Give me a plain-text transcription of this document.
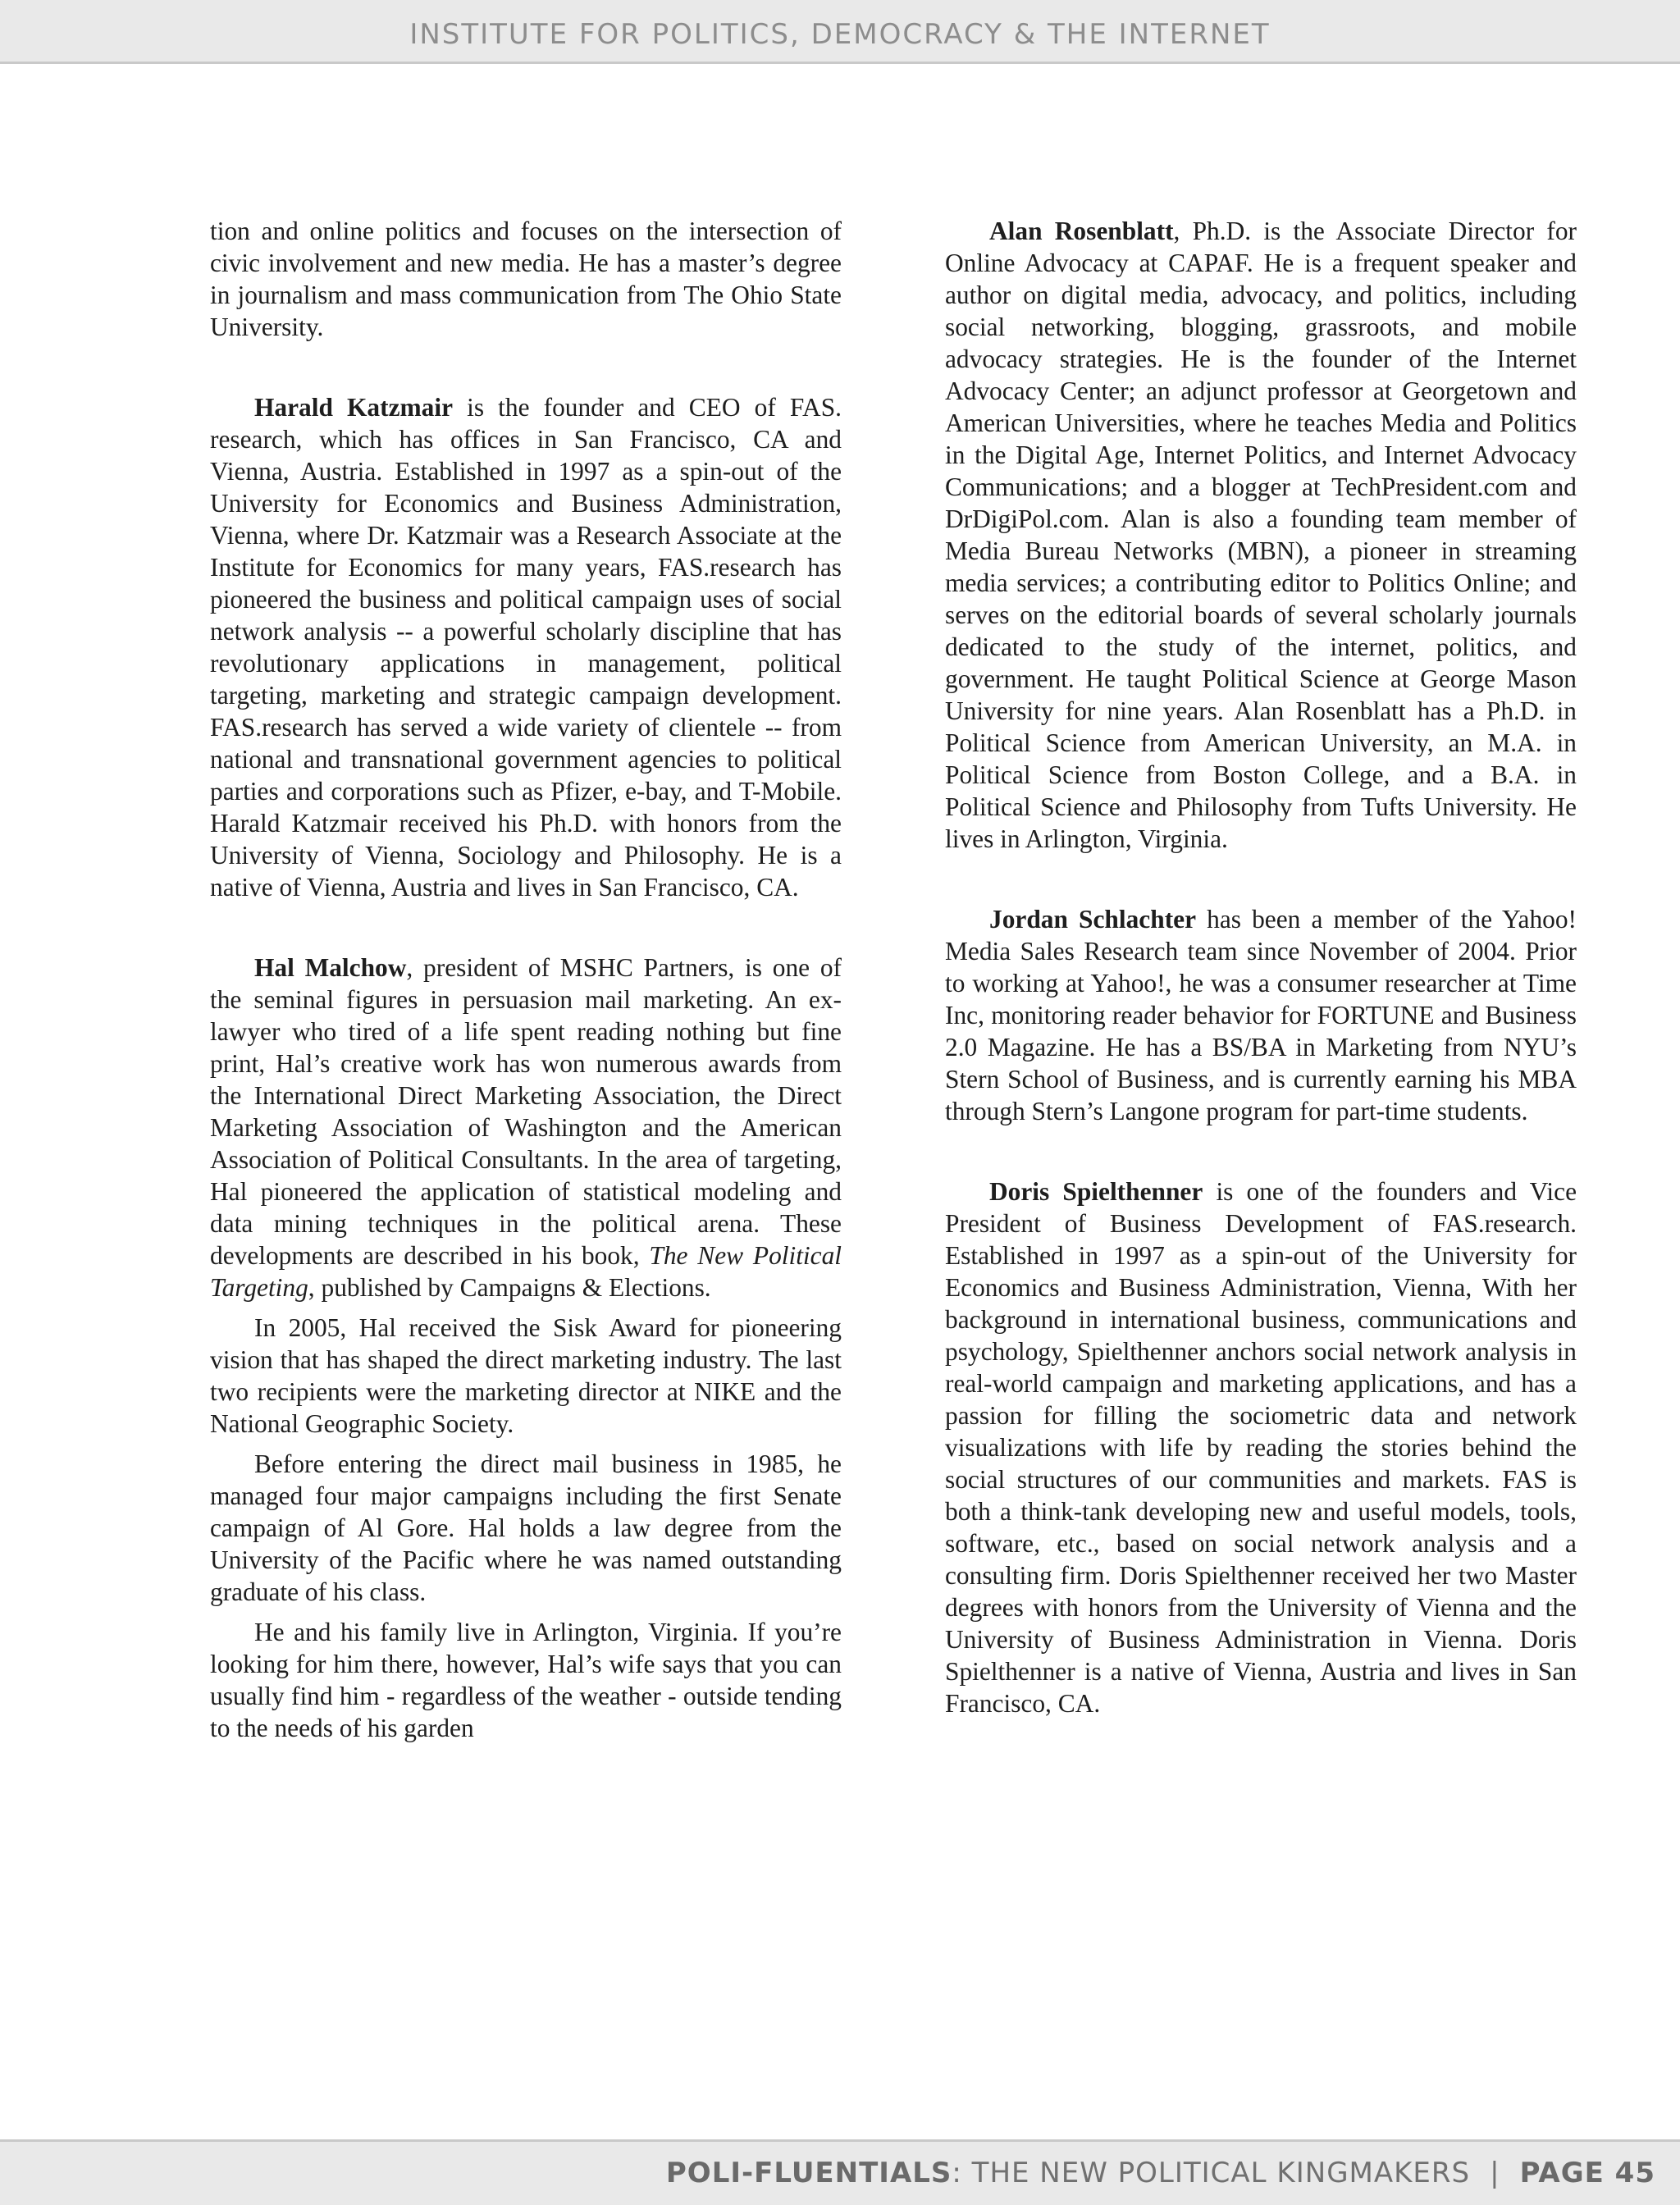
INSTITUTE FOR POLITICS, DEMOCRACY & THE INTERNET

tion and online politics and focuses on the intersection of civic involvement and new media. He has a master’s degree in journalism and mass communication from The Ohio State University.

Harald Katzmair is the founder and CEO of FAS. research, which has offices in San Francisco, CA and Vienna, Austria. Established in 1997 as a spin-out of the University for Economics and Business Administration, Vienna, where Dr. Katzmair was a Research Associate at the Institute for Economics for many years, FAS.research has pioneered the business and political campaign uses of social network analysis -- a powerful scholarly discipline that has revolutionary applications in management, political targeting, marketing and strategic campaign development. FAS.research has served a wide variety of clientele -- from national and transnational government agencies to political parties and corporations such as Pfizer, e-bay, and T-Mobile. Harald Katzmair received his Ph.D. with honors from the University of Vienna, Sociology and Philosophy. He is a native of Vienna, Austria and lives in San Francisco, CA.

Hal Malchow, president of MSHC Partners, is one of the seminal figures in persuasion mail marketing. An ex-lawyer who tired of a life spent reading nothing but fine print, Hal’s creative work has won numerous awards from the International Direct Marketing Association, the Direct Marketing Association of Washington and the American Association of Political Consultants. In the area of targeting, Hal pioneered the application of statistical modeling and data mining techniques in the political arena. These developments are described in his book, The New Political Targeting, published by Campaigns & Elections.

In 2005, Hal received the Sisk Award for pioneering vision that has shaped the direct marketing industry. The last two recipients were the marketing director at NIKE and the National Geographic Society.

Before entering the direct mail business in 1985, he managed four major campaigns including the first Senate campaign of Al Gore. Hal holds a law degree from the University of the Pacific where he was named outstanding graduate of his class.

He and his family live in Arlington, Virginia. If you’re looking for him there, however, Hal’s wife says that you can usually find him - regardless of the weather - outside tending to the needs of his garden

Alan Rosenblatt, Ph.D. is the Associate Director for Online Advocacy at CAPAF. He is a frequent speaker and author on digital media, advocacy, and politics, including social networking, blogging, grassroots, and mobile advocacy strategies. He is the founder of the Internet Advocacy Center; an adjunct professor at Georgetown and American Universities, where he teaches Media and Politics in the Digital Age, Internet Politics, and Internet Advocacy Communications; and a blogger at TechPresident.com and DrDigiPol.com. Alan is also a founding team member of Media Bureau Networks (MBN), a pioneer in streaming media services; a contributing editor to Politics Online; and serves on the editorial boards of several scholarly journals dedicated to the study of the internet, politics, and government. He taught Political Science at George Mason University for nine years. Alan Rosenblatt has a Ph.D. in Political Science from American University, an M.A. in Political Science from Boston College, and a B.A. in Political Science and Philosophy from Tufts University. He lives in Arlington, Virginia.

Jordan Schlachter has been a member of the Yahoo! Media Sales Research team since November of 2004. Prior to working at Yahoo!, he was a consumer researcher at Time Inc, monitoring reader behavior for FORTUNE and Business 2.0 Magazine. He has a BS/BA in Marketing from NYU’s Stern School of Business, and is currently earning his MBA through Stern’s Langone program for part-time students.

Doris Spielthenner is one of the founders and Vice President of Business Development of FAS.research. Established in 1997 as a spin-out of the University for Economics and Business Administration, Vienna, With her background in international business, communications and psychology, Spielthenner anchors social network analysis in real-world campaign and marketing applications, and has a passion for filling the sociometric data and network visualizations with life by reading the stories behind the social structures of our communities and markets. FAS is both a think-tank developing new and useful models, tools, software, etc., based on social network analysis and a consulting firm. Doris Spielthenner received her two Master degrees with honors from the University of Vienna and the University of Business Administration in Vienna. Doris Spielthenner is a native of Vienna, Austria and lives in San Francisco, CA.

POLI-FLUENTIALS: THE NEW POLITICAL KINGMAKERS | PAGE 45
